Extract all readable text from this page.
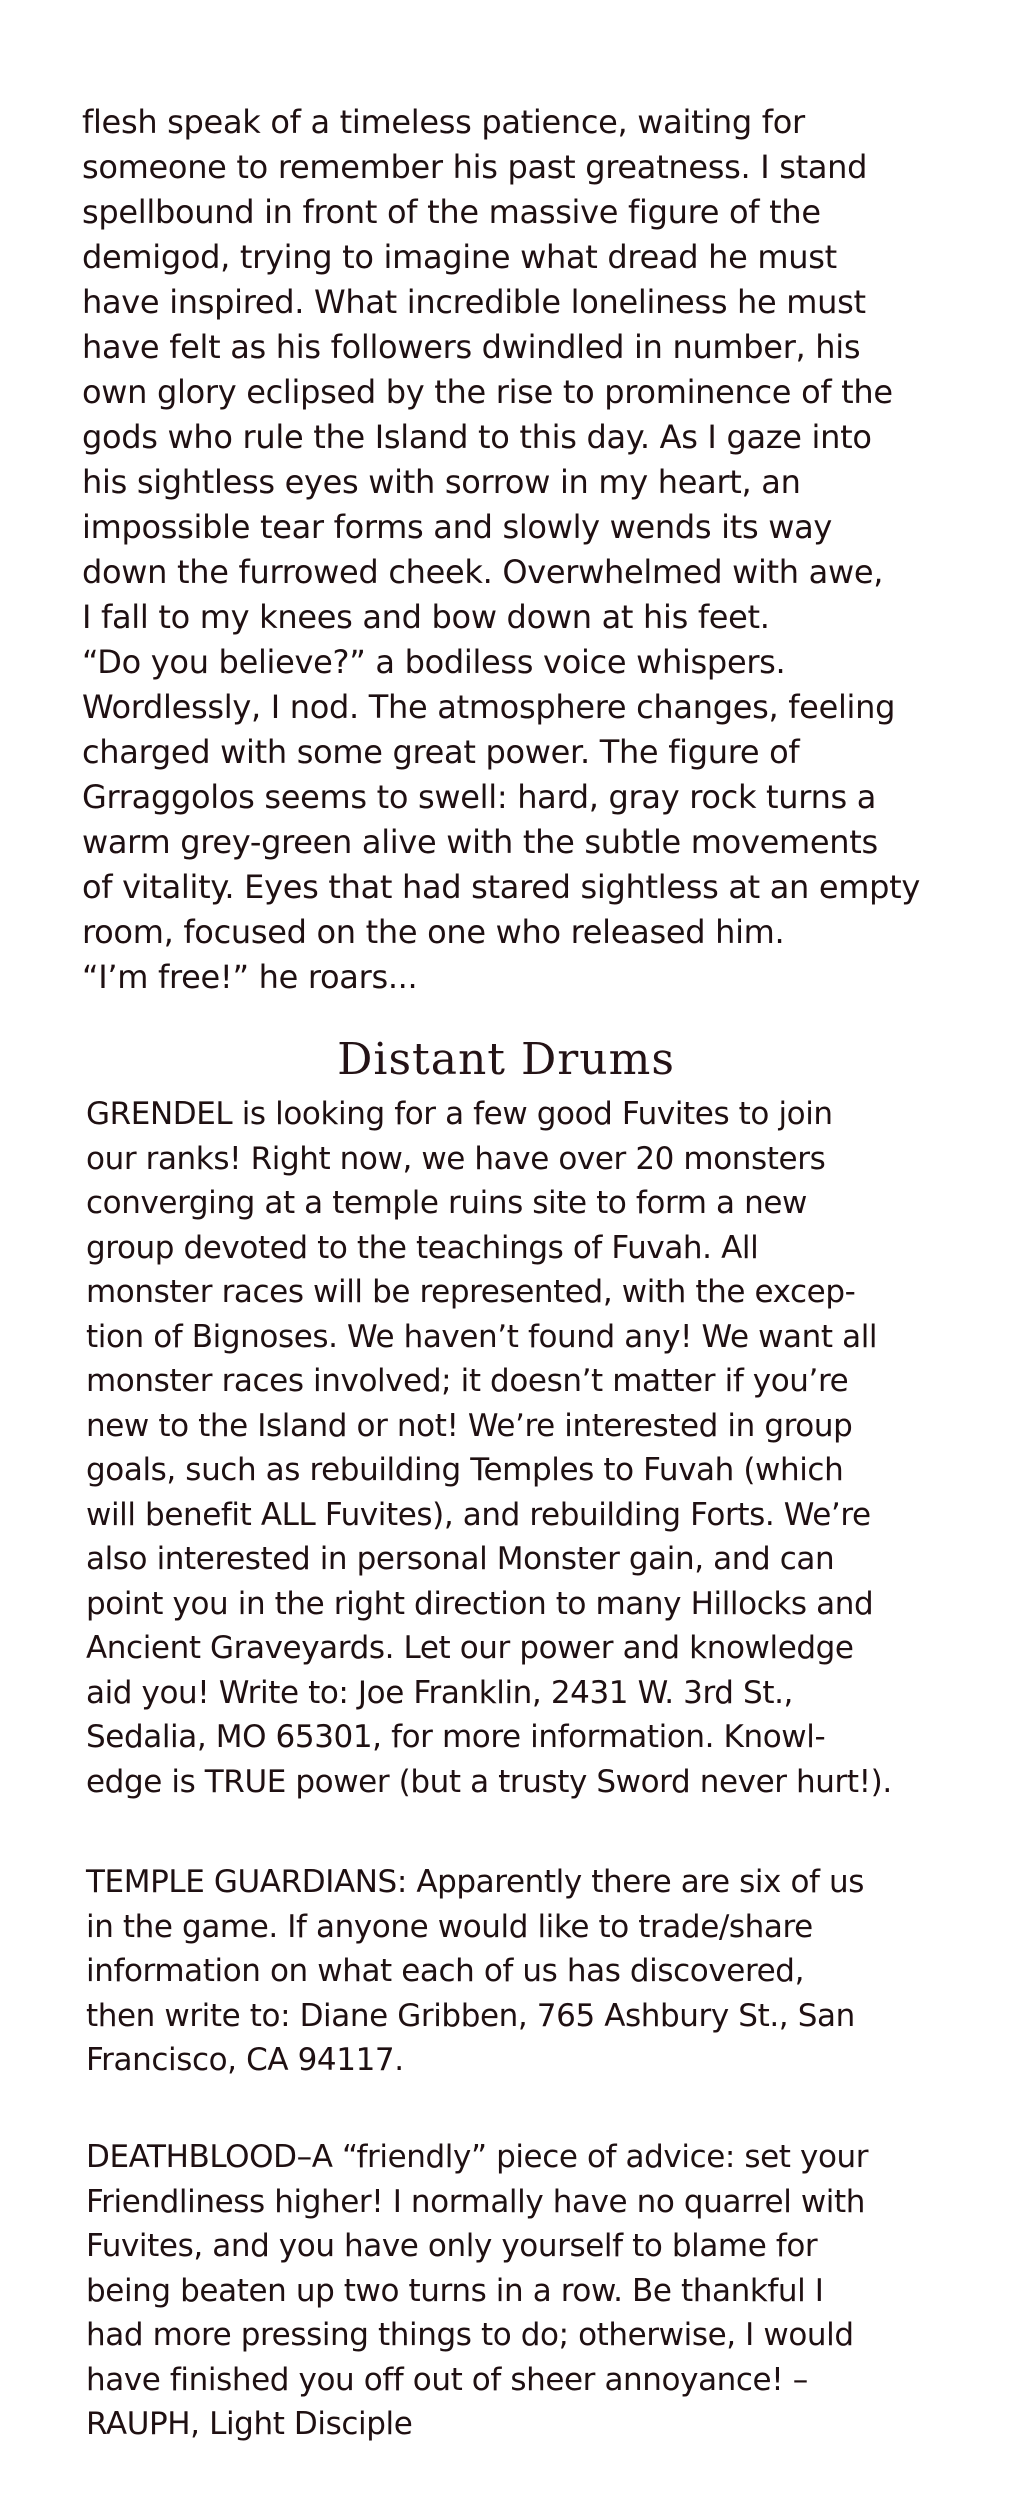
flesh speak of a timeless patience, waiting for
someone to remember his past greatness. I stand
spellbound in front of the massive figure of the
demigod, trying to imagine what dread he must
have inspired. What incredible loneliness he must
have felt as his followers dwindled in number, his
own glory eclipsed by the rise to prominence of the
gods who rule the Island to this day. As I gaze into
his sightless eyes with sorrow in my heart, an
impossible tear forms and slowly wends its way
down the furrowed cheek. Overwhelmed with awe,
I fall to my knees and bow down at his feet.
“Do you believe?” a bodiless voice whispers.
Wordlessly, I nod. The atmosphere changes, feeling
charged with some great power. The figure of
Grraggolos seems to swell: hard, gray rock turns a
warm grey-green alive with the subtle movements
of vitality. Eyes that had stared sightless at an empty
room, focused on the one who released him.
“I’m free!” he roars...
Distant Drums
GRENDEL is looking for a few good Fuvites to join
our ranks! Right now, we have over 20 monsters
converging at a temple ruins site to form a new
group devoted to the teachings of Fuvah. All
monster races will be represented, with the excep-
tion of Bignoses. We haven’t found any! We want all
monster races involved; it doesn’t matter if you’re
new to the Island or not! We’re interested in group
goals, such as rebuilding Temples to Fuvah (which
will benefit ALL Fuvites), and rebuilding Forts. We’re
also interested in personal Monster gain, and can
point you in the right direction to many Hillocks and
Ancient Graveyards. Let our power and knowledge
aid you! Write to: Joe Franklin, 2431 W. 3rd St.,
Sedalia, MO 65301, for more information. Knowl-
edge is TRUE power (but a trusty Sword never hurt!).
TEMPLE GUARDIANS: Apparently there are six of us
in the game. If anyone would like to trade/share
information on what each of us has discovered,
then write to: Diane Gribben, 765 Ashbury St., San
Francisco, CA 94117.
DEATHBLOOD–A “friendly” piece of advice: set your
Friendliness higher! I normally have no quarrel with
Fuvites, and you have only yourself to blame for
being beaten up two turns in a row. Be thankful I
had more pressing things to do; otherwise, I would
have finished you off out of sheer annoyance! –
RAUPH, Light Disciple
